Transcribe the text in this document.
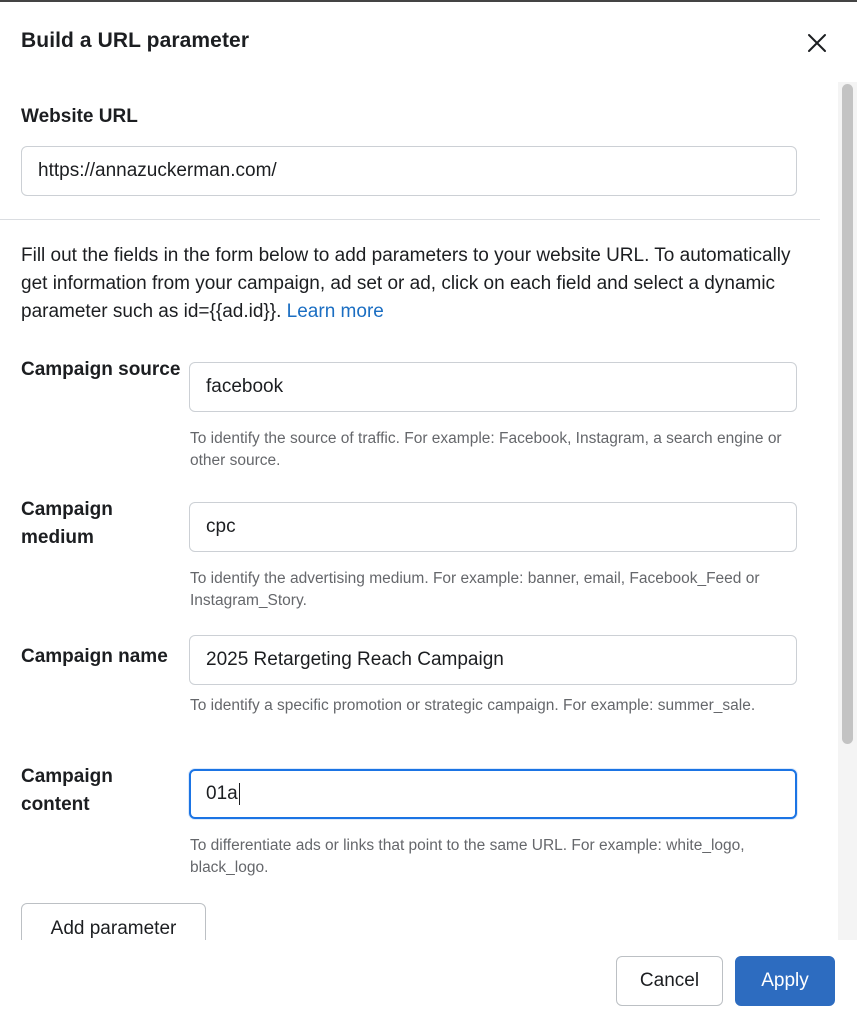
Build a URL parameter
Website URL
https://annazuckerman.com/
Fill out the fields in the form below to add parameters to your website URL. To automatically get information from your campaign, ad set or ad, click on each field and select a dynamic parameter such as id={{ad.id}}. Learn more
Campaign source
facebook
To identify the source of traffic. For example: Facebook, Instagram, a search engine or other source.
Campaign medium
cpc
To identify the advertising medium. For example: banner, email, Facebook_Feed or Instagram_Story.
Campaign name	2025 Retargeting Reach Campaign
To identify a specific promotion or strategic campaign. For example: summer_sale.
Campaign content
01a
To differentiate ads or links that point to the same URL. For example: white_logo, black_logo.
Add parameter
Cancel	Apply
